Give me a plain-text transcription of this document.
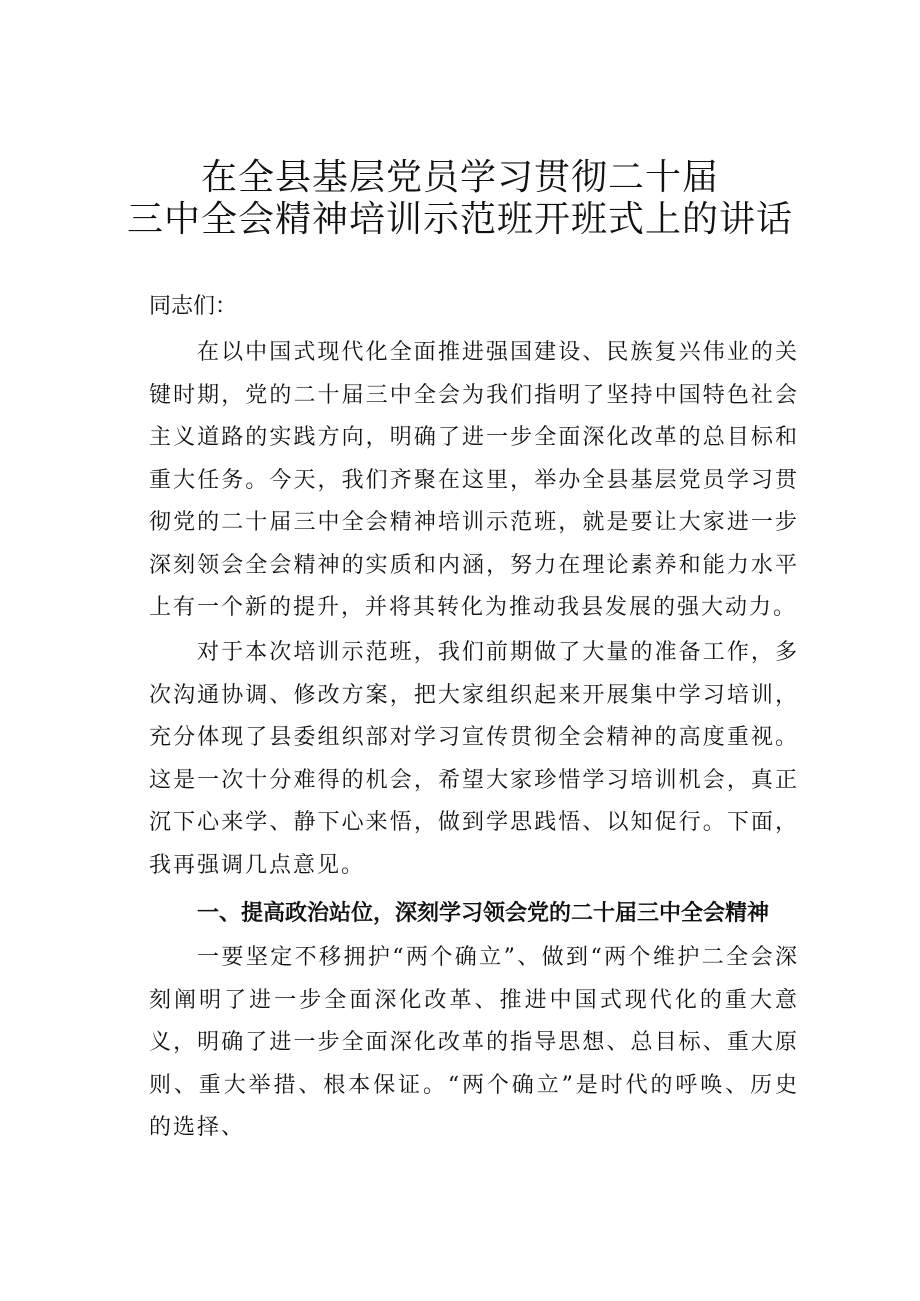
在全县基层党员学习贯彻二十届
三中全会精神培训示范班开班式上的讲话

同志们：

在以中国式现代化全面推进强国建设、民族复兴伟业的关键时期，党的二十届三中全会为我们指明了坚持中国特色社会主义道路的实践方向，明确了进一步全面深化改革的总目标和重大任务。今天，我们齐聚在这里，举办全县基层党员学习贯彻党的二十届三中全会精神培训示范班，就是要让大家进一步深刻领会全会精神的实质和内涵，努力在理论素养和能力水平上有一个新的提升，并将其转化为推动我县发展的强大动力。

对于本次培训示范班，我们前期做了大量的准备工作，多次沟通协调、修改方案，把大家组织起来开展集中学习培训，充分体现了县委组织部对学习宣传贯彻全会精神的高度重视。这是一次十分难得的机会，希望大家珍惜学习培训机会，真正沉下心来学、静下心来悟，做到学思践悟、以知促行。下面，我再强调几点意见。

一、提高政治站位，深刻学习领会党的二十届三中全会精神

一要坚定不移拥护“两个确立”、做到“两个维护二全会深刻阐明了进一步全面深化改革、推进中国式现代化的重大意义，明确了进一步全面深化改革的指导思想、总目标、重大原则、重大举措、根本保证。“两个确立”是时代的呼唤、历史的选择、
